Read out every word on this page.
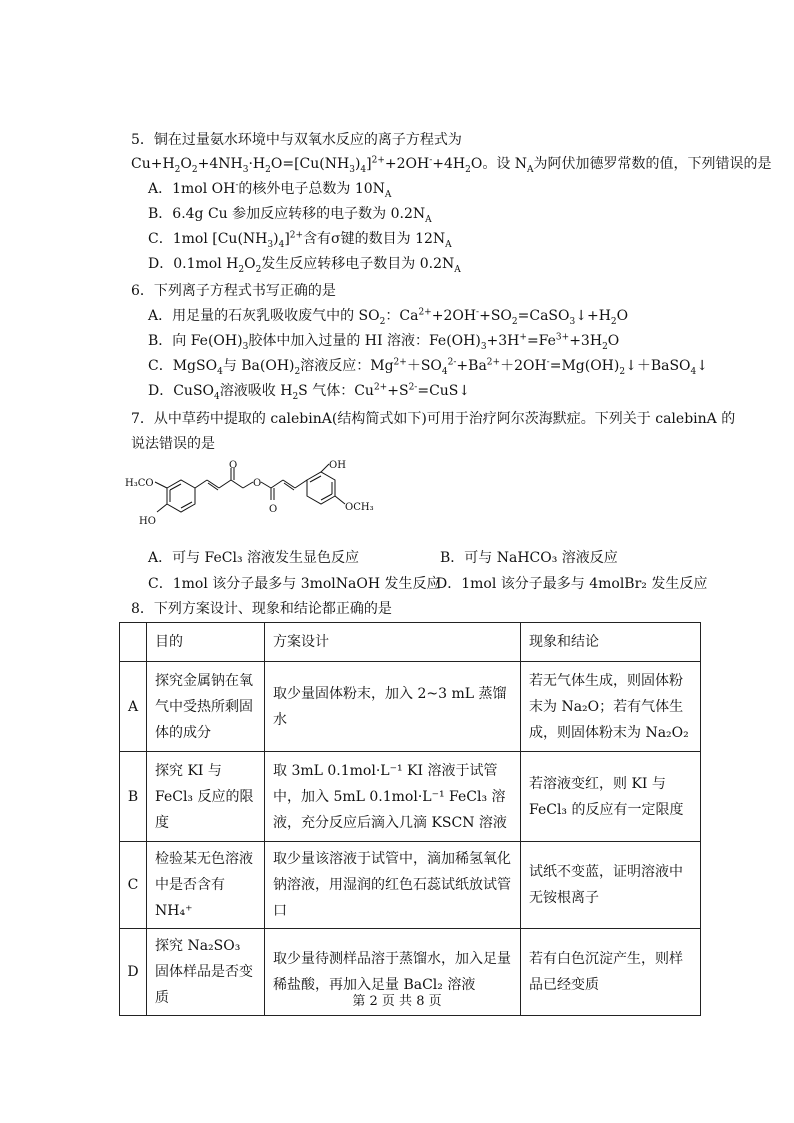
5．铜在过量氨水环境中与双氧水反应的离子方程式为
$Cu+H_2O_2+4NH_3\cdot H_2O=[Cu(NH_3)_4]^{2+}+2OH^-+4H_2O$。设 $N_A$为阿伏加德罗常数的值，下列错误的是
A．1mol OH-的核外电子总数为 $10N_A$
B．6.4g Cu 参加反应转移的电子数为 $0.2N_A$
C．1mol $[Cu(NH_3)_4]^{2+}$含有σ键的数目为 $12N_A$
D．0.1mol $H_2O_2$发生反应转移电子数目为 $0.2N_A$
6．下列离子方程式书写正确的是
A．用足量的石灰乳吸收废气中的 $SO_2$：$Ca^{2+}+2OH^-+SO_2=CaSO_3↓+H_2O$
B．向 $Fe(OH)_3$胶体中加入过量的 HI 溶液：$Fe(OH)_3+3H^+=Fe^{3+}+3H_2O$
C．MgSO$_4$与 $Ba(OH)_2$溶液反应：$Mg^{2+}+SO_4^{2-}+Ba^{2+}+2OH^-=Mg(OH)_2↓+BaSO_4↓$
D．CuSO$_4$溶液吸收 $H_2S$ 气体：$Cu^{2+}+S^{2-}=CuS↓$
7．从中草药中提取的 calebinA(结构简式如下)可用于治疗阿尔茨海默症。下列关于 calebinA 的
说法错误的是
H₃CO
HO
O
O
O
OH
OCH₃
A．可与 FeCl₃ 溶液发生显色反应	B．可与 NaHCO₃ 溶液反应
C．1mol 该分子最多与 3molNaOH 发生反应
D．1mol 该分子最多与 4molBr₂ 发生反应
8．下列方案设计、现象和结论都正确的是
	目的	方案设计	现象和结论
A	探究金属钠在氧气中受热所剩固体的成分	取少量固体粉末，加入 2~3 mL 蒸馏水	若无气体生成，则固体粉末为 Na₂O；若有气体生成，则固体粉末为 Na₂O₂
B	探究 KI 与 FeCl₃ 反应的限度	取 3mL 0.1mol·L⁻¹ KI 溶液于试管中，加入 5mL 0.1mol·L⁻¹ FeCl₃ 溶液，充分反应后滴入几滴 KSCN 溶液	若溶液变红，则 KI 与 FeCl₃ 的反应有一定限度
C	检验某无色溶液中是否含有 NH₄⁺	取少量该溶液于试管中，滴加稀氢氧化钠溶液，用湿润的红色石蕊试纸放试管口	试纸不变蓝，证明溶液中无铵根离子
D	探究 Na₂SO₃ 固体样品是否变质	取少量待测样品溶于蒸馏水，加入足量稀盐酸，再加入足量 BaCl₂ 溶液	若有白色沉淀产生，则样品已经变质
第 2 页 共 8 页
